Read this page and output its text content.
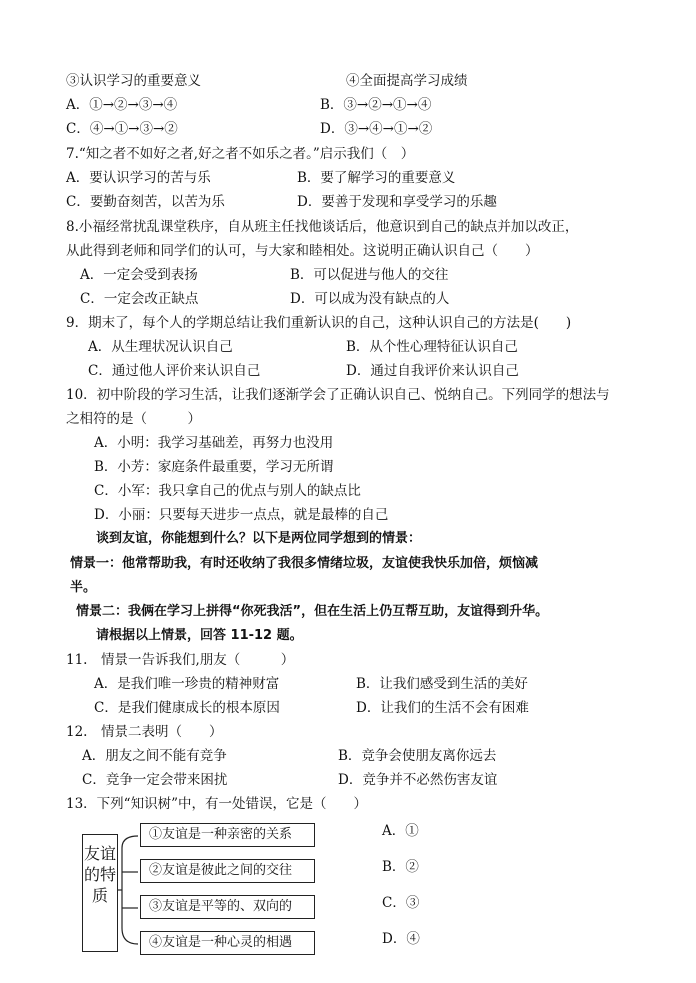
③认识学习的重要意义	④全面提高学习成绩
A．①→②→③→④	B．③→②→①→④
C．④→①→③→②	D．③→④→①→②
7.“知之者不如好之者,好之者不如乐之者。”启示我们（　）
A．要认识学习的苦与乐	B．要了解学习的重要意义
C．要勤奋刻苦，以苦为乐	D．要善于发现和享受学习的乐趣
8.小福经常扰乱课堂秩序，自从班主任找他谈话后，他意识到自己的缺点并加以改正，
从此得到老师和同学们的认可，与大家和睦相处。这说明正确认识自己（　　）
A．一定会受到表扬	B．可以促进与他人的交往
C．一定会改正缺点	D．可以成为没有缺点的人
9．期末了，每个人的学期总结让我们重新认识的自己，这种认识自己的方法是(　　)
A．从生理状况认识自己	B．从个性心理特征认识自己
C．通过他人评价来认识自己	D．通过自我评价来认识自己
10．初中阶段的学习生活，让我们逐渐学会了正确认识自己、悦纳自己。下列同学的想法与
之相符的是（　　　）
A．小明：我学习基础差，再努力也没用
B．小芳：家庭条件最重要，学习无所谓
C．小军：我只拿自己的优点与别人的缺点比
D．小丽：只要每天进步一点点，就是最棒的自己
谈到友谊，你能想到什么？以下是两位同学想到的情景：
情景一：他常帮助我，有时还收纳了我很多情绪垃圾，友谊使我快乐加倍，烦恼减
半。
情景二：我俩在学习上拼得“你死我活”，但在生活上仍互帮互助，友谊得到升华。
请根据以上情景，回答 11-12 题。
11.　情景一告诉我们,朋友（　　　）
A．是我们唯一珍贵的精神财富	B．让我们感受到生活的美好
C．是我们健康成长的根本原因	D．让我们的生活不会有困难
12.　情景二表明（　　）
A．朋友之间不能有竞争	B．竞争会使朋友离你远去
C．竞争一定会带来困扰	D．竞争并不必然伤害友谊
13．下列“知识树”中，有一处错误，它是（　　）
友谊的特质
①友谊是一种亲密的关系
②友谊是彼此之间的交往
③友谊是平等的、双向的
④友谊是一种心灵的相遇
A．①
B．②
C．③
D．④
